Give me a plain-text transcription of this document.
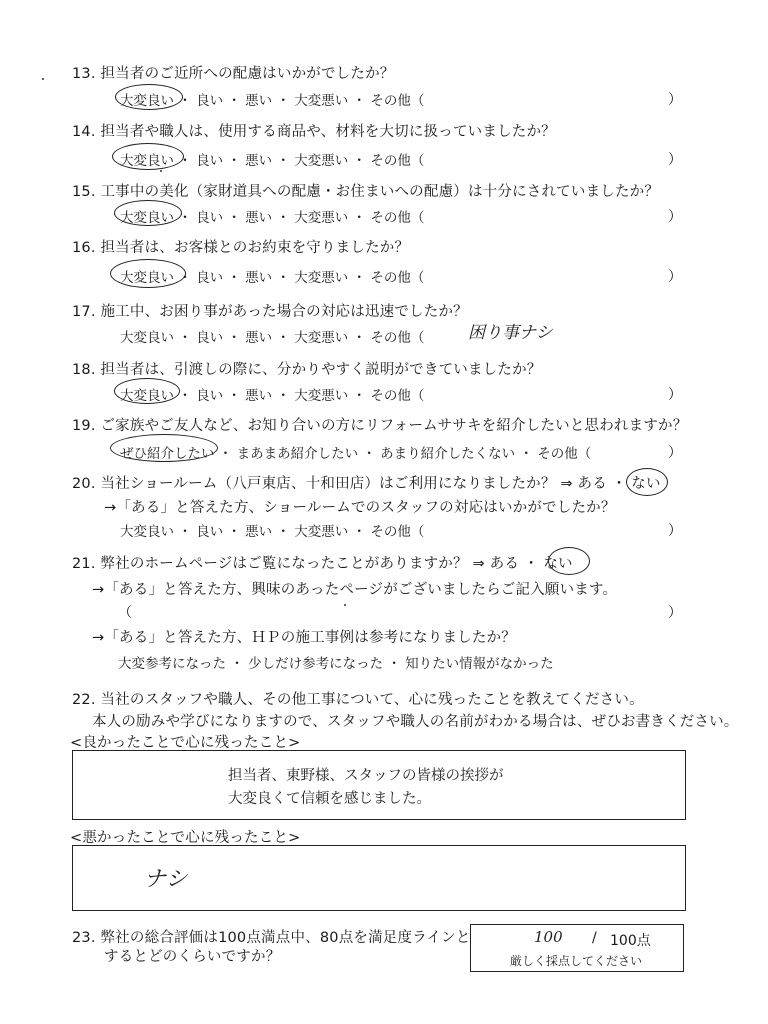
13. 担当者のご近所への配慮はいかがでしたか？
大変良い ・ 良い ・ 悪い ・ 大変悪い ・ その他（	）
14. 担当者や職人は、使用する商品や、材料を大切に扱っていましたか？
大変良い ・ 良い ・ 悪い ・ 大変悪い ・ その他（	）
15. 工事中の美化（家財道具への配慮・お住まいへの配慮）は十分にされていましたか？
大変良い ・ 良い ・ 悪い ・ 大変悪い ・ その他（	）
16. 担当者は、お客様とのお約束を守りましたか？
大変良い ・ 良い ・ 悪い ・ 大変悪い ・ その他（	）
17. 施工中、お困り事があった場合の対応は迅速でしたか？
大変良い ・ 良い ・ 悪い ・ 大変悪い ・ その他（	困り事ナシ
18. 担当者は、引渡しの際に、分かりやすく説明ができていましたか？
大変良い ・ 良い ・ 悪い ・ 大変悪い ・ その他（	）
19. ご家族やご友人など、お知り合いの方にリフォームササキを紹介したいと思われますか？
ぜひ紹介したい ・ まあまあ紹介したい ・ あまり紹介したくない ・ その他（	）
20. 当社ショールーム（八戸東店、十和田店）はご利用になりましたか？ ⇒ ある ・ ない
→「ある」と答えた方、ショールームでのスタッフの対応はいかがでしたか？
大変良い ・ 良い ・ 悪い ・ 大変悪い ・ その他（	）
21. 弊社のホームページはご覧になったことがありますか？ ⇒ ある ・ ない
→「ある」と答えた方、興味のあったページがございましたらご記入願います。
（	）
→「ある」と答えた方、ＨＰの施工事例は参考になりましたか？
大変参考になった ・ 少しだけ参考になった ・ 知りたい情報がなかった
22. 当社のスタッフや職人、その他工事について、心に残ったことを教えてください。
本人の励みや学びになりますので、スタッフや職人の名前がわかる場合は、ぜひお書きください。
<良かったことで心に残ったこと>
担当者、東野様、スタッフの皆様の挨拶が
大変良くて信頼を感じました。
<悪かったことで心に残ったこと>
ナシ
23. 弊社の総合評価は100点満点中、80点を満足度ラインと
するとどのくらいですか？
100 / 100点
厳しく採点してください
